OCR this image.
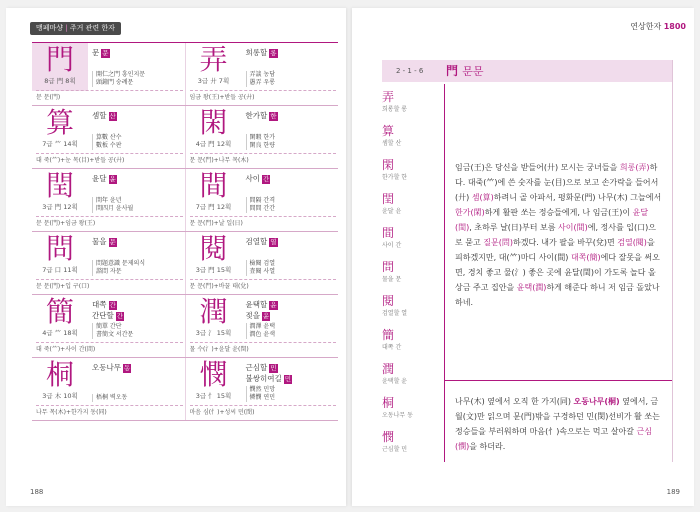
맹페마샹 | 주거 관련 한자
門
8급 門 8획
문 문
開仁之門 흥인지문
頭鐘門 숭례문
문 문(門)
弄
3급 廾 7획
희롱할 롱
弄談 농담
愚弄 우롱
임금 왕(王)+받들 공(廾)
算
7급 ⺮ 14획
셈할 산
算數 산수
數板 수판
대 죽(⺮)+눈 목(目)+받들 공(廾)
閑
4급 門 12획
한가할 한
閑暇 한가
閑良 한량
문 문(門)+나무 목(木)
閏
3급 門 12획
윤달 윤
閏年 윤년
閏四月 윤사월
문 문(門)+임금 왕(王)
間
7급 門 12획
사이 간
間隔 간격
間間 간간
문 문(門)+날 일(日)
問
7급 口 11획
물을 문
問題意識 문제의식
諮問 자문
문 문(門)+입 구(口)
閱
3급 門 15획
검열할 열
檢閱 검열
査閱 사열
문 문(門)+바꿀 태(兌)
簡
4급 ⺮ 18획
대쪽 간
간단할 간
簡單 간단
書簡文 서간문
대 죽(⺮)+사이 간(間)
潤
3급 氵 15획
윤택할 윤
젖을 윤
潤澤 윤택
潤色 윤색
물 수(氵)+윤달 윤(閏)
桐
3급 木 10획
오동나무 동
梧桐 벽오동
나무 목(木)+한가지 동(同)
憫
3급 忄 15획
근심할 민
불쌍히여길 민
憫然 민망
憐憫 연민
마음 심(忄)+성씨 민(閔)
188
연상한자 1800
2 - 1 - 6 門 문문
弄
희롱할 롱
算
셈할 산
閑
한가할 한
閏
윤달 윤
間
사이 간
問
물을 문
閱
검열할 열
簡
대쪽 간
潤
윤택할 윤
桐
오동나무 동
憫
근심할 민
임금(王)은 당신을 받들어(廾) 모시는 궁녀들을 희롱(弄)하다. 대죽(⺮)에 쓴 숫자를 눈(目)으로 보고 손가락을 들어서(廾) 셈(算)하려니 골 아파서, 평화문(門) 나무(木) 그늘에서 한가(閑)하게 활판 쏘는 정승들에게, 나 임금(王)이 윤달(閏), 초하루 날(日)부터 보름 사이(間)에, 정사를 입(口)으로 묻고 질문(問)하겠다. 내가 팔을 바꾸(兌)면 검열(閱)을 피하겠지만, 대(⺮)마디 사이(間) 대쪽(簡)에다 잘못을 써오면, 경치 좋고 물(氵) 좋은 곳에 윤달(閏)이 가도록 놀다 올 상금 주고 집안을 윤택(潤)하게 해준다 하니 저 임금 돌았나 하네.
나무(木) 옆에서 오직 한 가지(同) 오동나무(桐) 옆에서, 금월(文)만 읽으며 문(門)밖을 구경하던 민(閔)선비가 활 쏘는 정승들을 부러워하며 마음(忄)속으로는 먹고 살아갈 근심(憫)을 하더라.
189
